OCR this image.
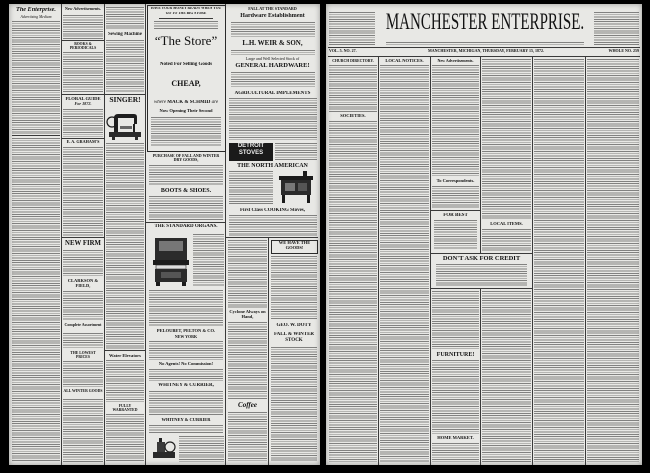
The Enterprise.
Advertising Medium
New Advertisements.
BOOKS & PERIODICALS
FLORAL GUIDE
For 1872.
E. A. GRAHAM'S
NEW FIRM
CLARKSON & FIELD,
Complete Assortment
THE LOWEST PRICES
ALL WINTER GOODS
Sewing Machine
SINGER!
Water Elevators
FULLY WARRANTED
HAVE YOUR MONEY READY WHEN YOU
GO TO THE BIG STORE
“The Store”
Noted For Selling Goods
CHEAP,
where MACK & SCHMID are
Now Opening Their Second
PURCHASE OF FALL AND WINTER DRY GOODS,
BOOTS & SHOES.
THE STANDARD ORGANS.
PELOUBET, PELTON & CO.
NEW YORK
No Agents! No Commission!
WHITNEY & CURRIER,
WHITNEY & CURRIER
FALL AT THE STANDARD
Hardware Establishment
L.H. WEIR & SON,
Large and Well Selected Stock of
GENERAL HARDWARE!
AGRICULTURAL IMPLEMENTS
DETROIT
STOVES
THE NORTH AMERICAN
First Class COOKING Stoves,
Cyclone Always on Hand,
Coffee
WE HAVE THE GOODS!
GEO. W. DOTY
FALL & WINTER STOCK
MANCHESTER ENTERPRISE.
VOL. 5. NO. 27.	MANCHESTER, MICHIGAN, THURSDAY, FEBRUARY 15, 1872.	WHOLE NO. 259
CHURCH DIRECTORY.
SOCIETIES.
LOCAL NOTICES.	New Advertisements.
To Correspondents.
FOR BEST
DON'T ASK FOR CREDIT
FURNITURE!
HOME MARKET.
LOCAL ITEMS.
